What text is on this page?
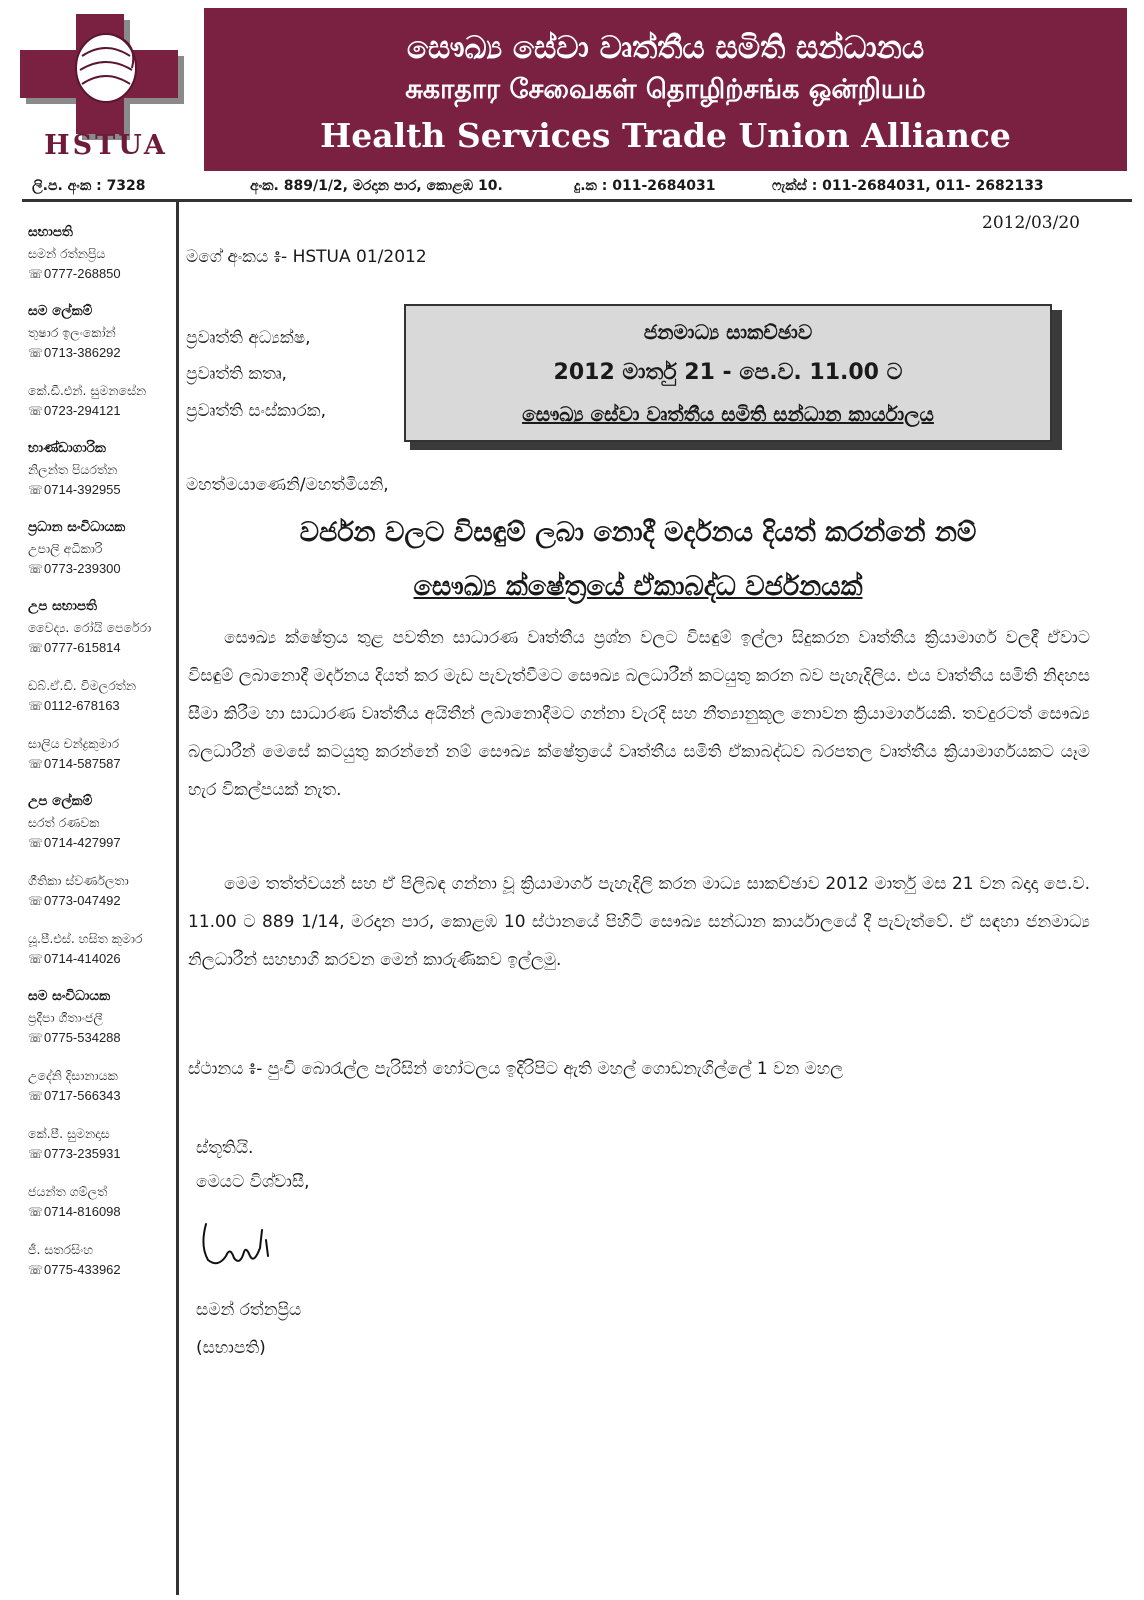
HSTUA
සෞඛ්‍ය සේවා වෘත්තීය සමිති සන්ධානය
சுகாதார சேவைகள் தொழிற்சங்க ஒன்றியம்
Health Services Trade Union Alliance
ලි.ප. අංක : 7328	අංක. 889/1/2, මරදාන පාර, කොළඹ 10.	දු.ක : 011-2684031	ෆැක්ස් : 011-2684031, 011- 2682133
සභාපති
සමන් රත්නප්‍රිය
☏0777-268850
සම ලේකම්
තුෂාර ඉලංකෝන්
☏0713-386292
කේ.ඩී.එන්. සුමනසේන
☏0723-294121
භාණ්ඩාගාරික
නිලන්ත පියරත්න
☏0714-392955
ප්‍රධාන සංවිධායක
උපාලි අධිකාරි
☏0773-239300
උප සභාපති
වෛද්‍ය. රෝයි පෙරේරා
☏0777-615814
ඩබ්.ඒ.ඩී. විමලරත්න
☏0112-678163
සාලිය චන්ද්‍රකුමාර
☏0714-587587
උප ලේකම්
සරත් රණවක
☏0714-427997
ගීතිකා ස්වර්ණලතා
☏0773-047492
යූ.පී.එස්. හසිත කුමාර
☏0714-414026
සම සංවිධායක
ප්‍රදීපා ගීතාංජලී
☏0775-534288
උදේනි දිසානායක
☏0717-566343
කේ.පී. සුමනදාස
☏0773-235931
ජයන්ත ගම්ලත්
☏0714-816098
ජී. සතරසිංහ
☏0775-433962
2012/03/20
මගේ අංකය ៖- HSTUA 01/2012
ප්‍රවෘත්ති අධ්‍යක්ෂ,
ප්‍රවෘත්ති කතෘ,
ප්‍රවෘත්ති සංස්කාරක,
ජනමාධ්‍ය සාකච්ඡාව
2012 මාර්තු 21 - පෙ.ව. 11.00 ට
සෞඛ්‍ය සේවා වෘත්තීය සමිති සන්ධාන කාර්යාලය
මහත්මයාණෙනි/මහත්මියනි,
වර්ජන වලට විසඳුම් ලබා නොදී මර්දනය දියත් කරන්නේ නම්
සෞඛ්‍ය ක්ෂේත්‍රයේ ඒකාබද්ධ වර්ජනයක්
සෞඛ්‍ය ක්ෂේත්‍රය තුළ පවතින සාධාරණ වෘත්තීය ප්‍රශ්න වලට විසඳුම් ඉල්ලා සිදුකරන වෘත්තීය ක්‍රියාමාර්ග වලදී ඒවාට විසඳුම් ලබානොදී මර්දනය දියත් කර මැඩ පැවැත්වීමට සෞඛ්‍ය බලධාරීන් කටයුතු කරන බව පැහැදිලිය. එය වෘත්තීය සමිති නිදහස සීමා කිරීම හා සාධාරණ වෘත්තීය අයිතීන් ලබානොදීමට ගන්නා වැරදි සහ නීත්‍යානුකූල නොවන ක්‍රියාමාර්ගයකි. තවදුරටත් සෞඛ්‍ය බලධාරීන් මෙසේ කටයුතු කරන්නේ නම් සෞඛ්‍ය ක්ෂේත්‍රයේ වෘත්තීය සමිති ඒකාබද්ධව බරපතල වෘත්තීය ක්‍රියාමාර්ගයකට යෑම හැර විකල්පයක් නැත.
මෙම තත්ත්වයන් සහ ඒ පිලිබඳ ගන්නා වූ ක්‍රියාමාර්ග පැහැදිලි කරන මාධ්‍ය සාකච්ඡාව 2012 මාර්තු මස 21 වන බදාදා පෙ.ව. 11.00 ට 889 1/14, මරදාන පාර, කොළඹ 10 ස්ථානයේ පිහිටි සෞඛ්‍ය සන්ධාන කාර්යාලයේ දී පැවැත්වේ. ඒ සඳහා ජනමාධ්‍ය නිලධාරීන් සහභාගි කරවන මෙන් කාරුණිකව ඉල්ලමු.
ස්ථානය ៖- පුංචි බොරැල්ල පැරිසින් හෝටලය ඉදිරිපිට ඇති මහල් ගොඩනැගිල්ලේ 1 වන මහල
ස්තූතියි.
මෙයට විශ්වාසී,
සමන් රත්නප්‍රිය
(සභාපති)
